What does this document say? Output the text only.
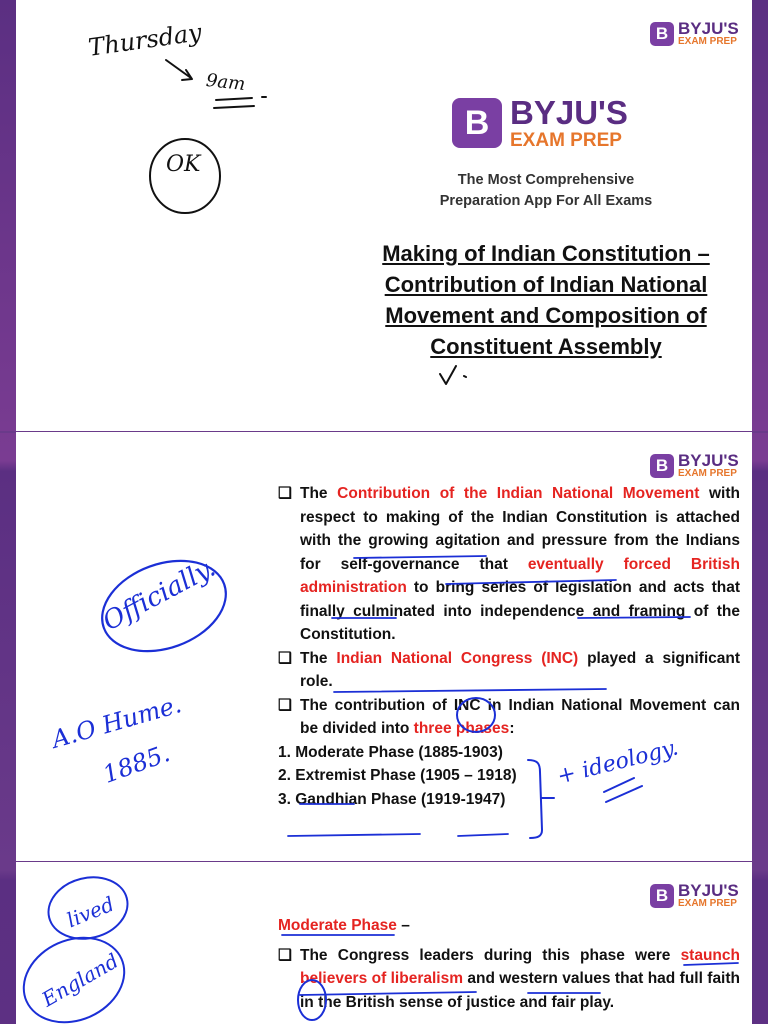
B BYJU'S
EXAM PREP
B BYJU'S
EXAM PREP
The Most Comprehensive
Preparation App For All Exams
Making of Indian Constitution –
Contribution of Indian National
Movement and Composition of
Constituent Assembly
Thursday
9am
OK
B BYJU'S
EXAM PREP

❑ The Contribution of the Indian National Movement with respect to making of the Indian Constitution is attached with the growing agitation and pressure from the Indians for self-governance that eventually forced British administration to bring series of legislation and acts that finally culminated into independence and framing of the Constitution.

❑ The Indian National Congress (INC) played a significant role.

❑ The contribution of INC in Indian National Movement can be divided into three phases:

1. Moderate Phase (1885-1903)

2. Extremist Phase (1905 – 1918)

3. Gandhian Phase (1919-1947)

Officially.
A.O Hume.
1885.	+ ideology.
B BYJU'S
EXAM PREP

Moderate Phase –

❑ The Congress leaders during this phase were staunch believers of liberalism and western values that had full faith in the British sense of justice and fair play.

lived
England
